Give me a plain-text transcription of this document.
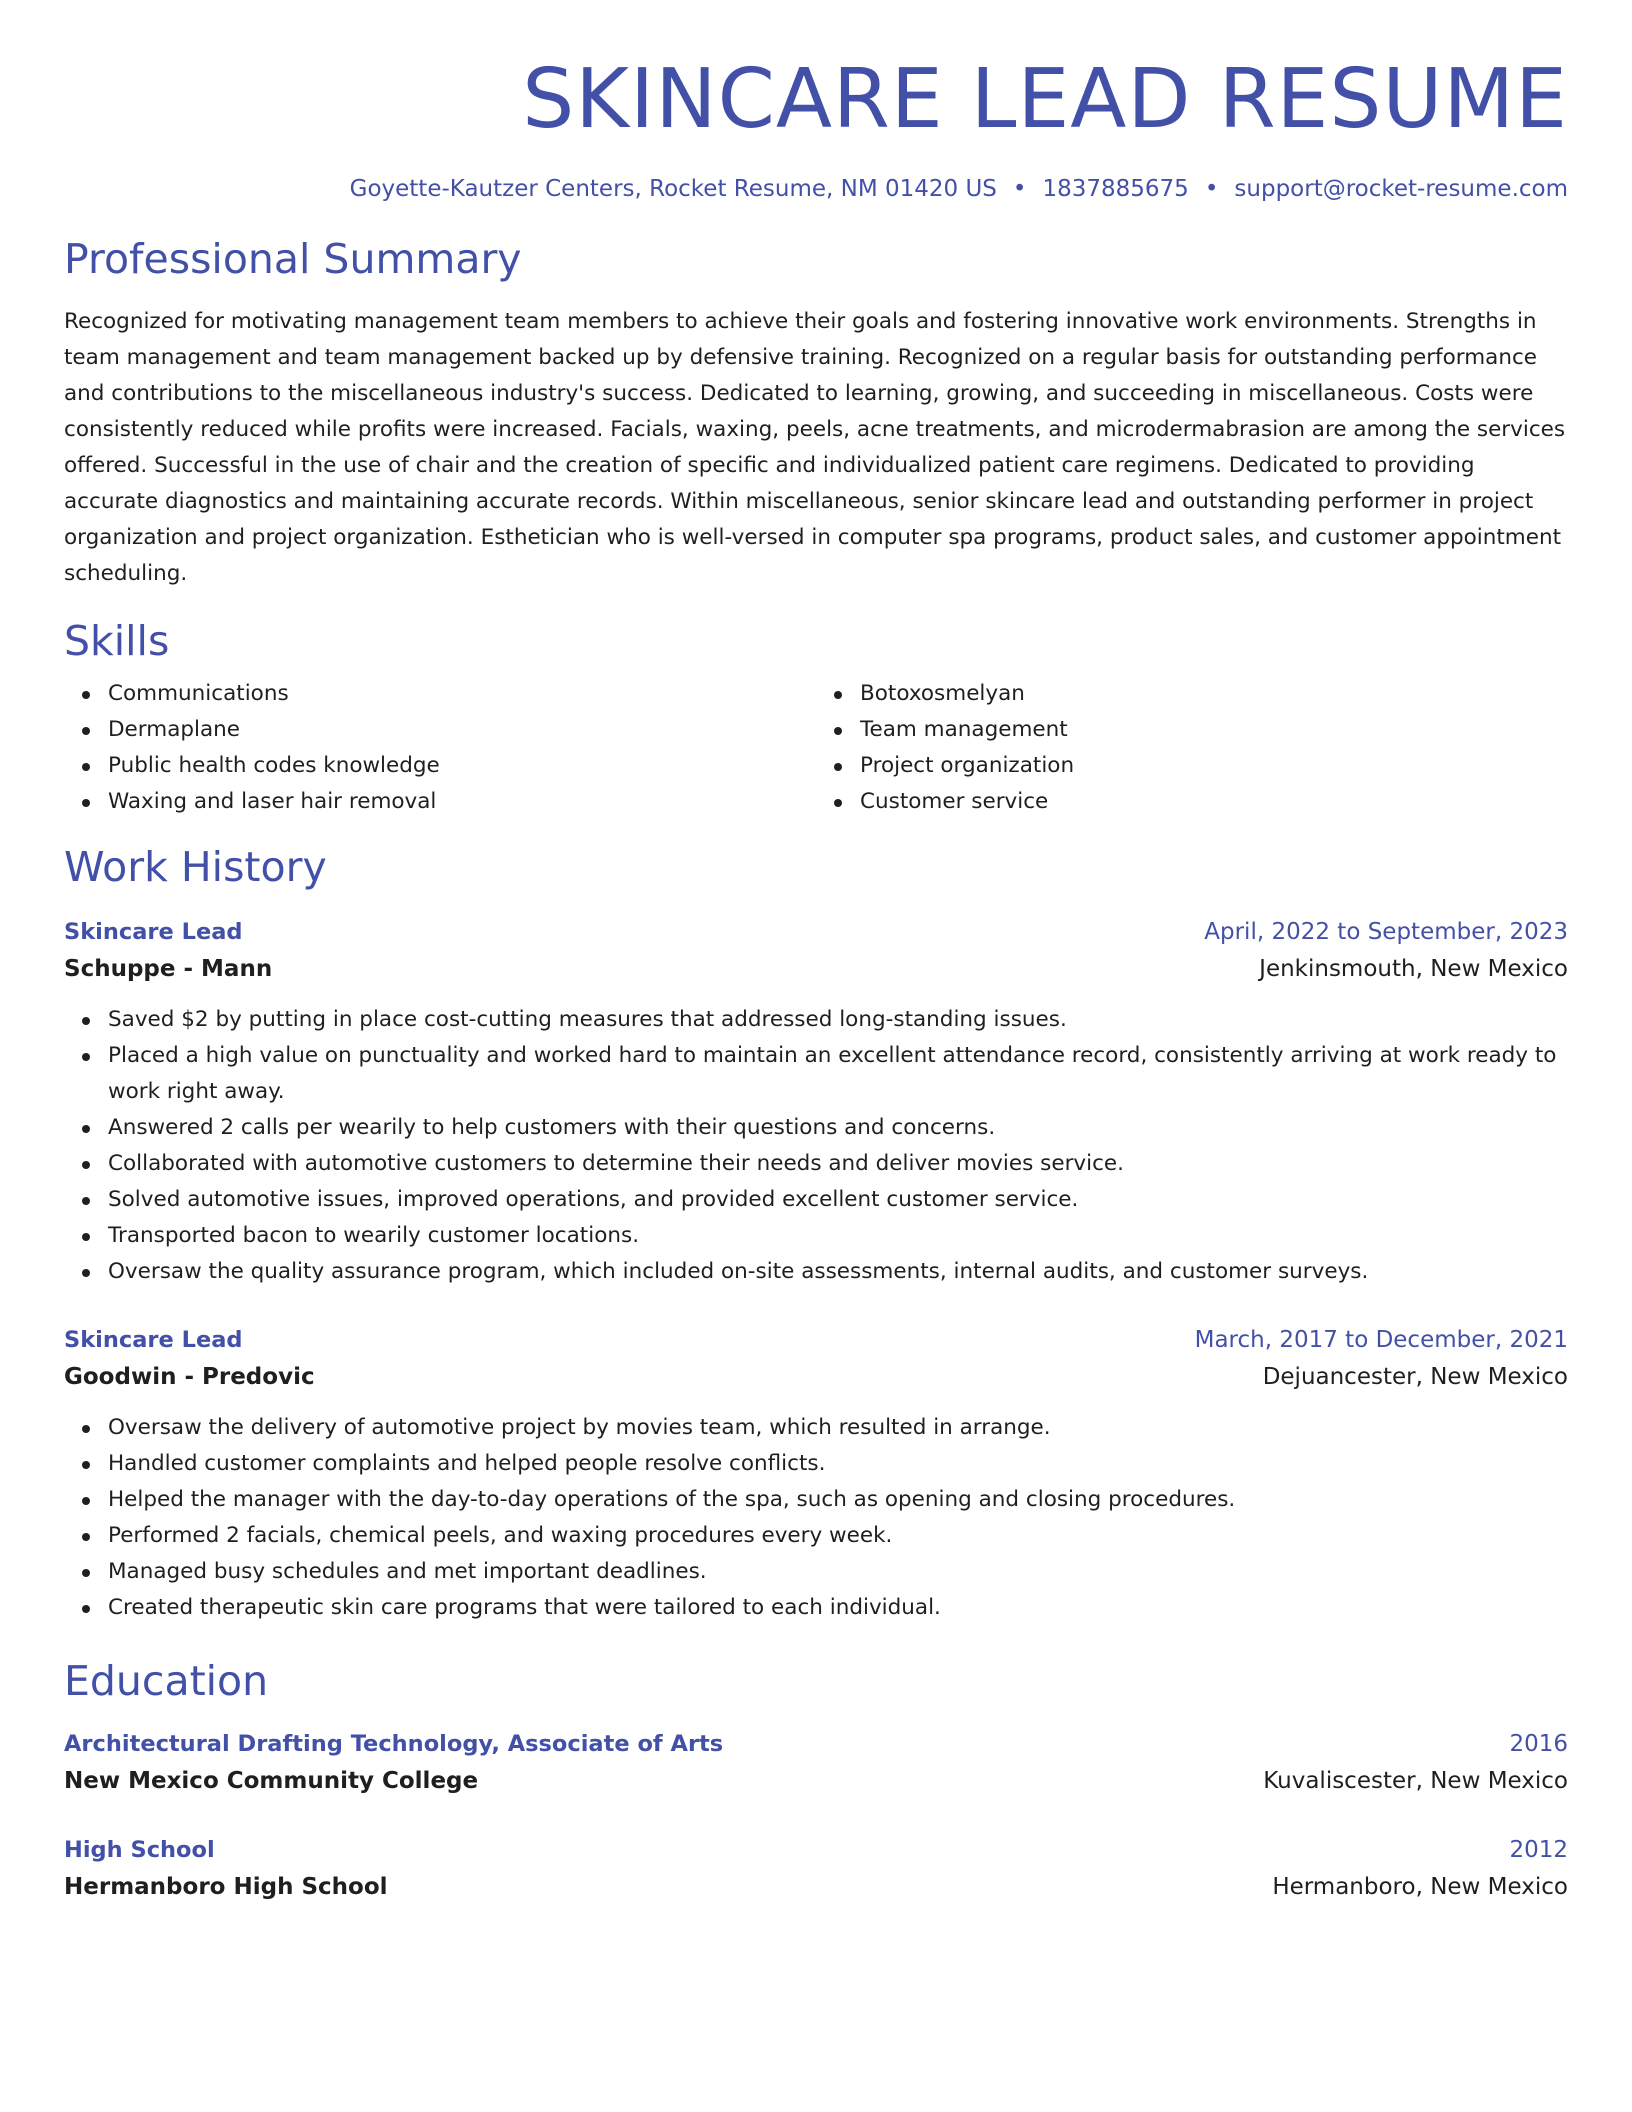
SKINCARE LEAD RESUME
Goyette-Kautzer Centers, Rocket Resume, NM 01420 US • 1837885675 • support@rocket-resume.com
Professional Summary

Recognized for motivating management team members to achieve their goals and fostering innovative work environments. Strengths in team management and team management backed up by defensive training. Recognized on a regular basis for outstanding performance and contributions to the miscellaneous industry's success. Dedicated to learning, growing, and succeeding in miscellaneous. Costs were consistently reduced while profits were increased. Facials, waxing, peels, acne treatments, and microdermabrasion are among the services offered. Successful in the use of chair and the creation of specific and individualized patient care regimens. Dedicated to providing accurate diagnostics and maintaining accurate records. Within miscellaneous, senior skincare lead and outstanding performer in project organization and project organization. Esthetician who is well-versed in computer spa programs, product sales, and customer appointment scheduling.

Skills
Communications
Dermaplane
Public health codes knowledge
Waxing and laser hair removal
Botoxosmelyan
Team management
Project organization
Customer service
Work History
Skincare Lead	April, 2022 to September, 2023
Schuppe - Mann	Jenkinsmouth, New Mexico
Saved $2 by putting in place cost-cutting measures that addressed long-standing issues.
Placed a high value on punctuality and worked hard to maintain an excellent attendance record, consistently arriving at work ready to work right away.
Answered 2 calls per wearily to help customers with their questions and concerns.
Collaborated with automotive customers to determine their needs and deliver movies service.
Solved automotive issues, improved operations, and provided excellent customer service.
Transported bacon to wearily customer locations.
Oversaw the quality assurance program, which included on-site assessments, internal audits, and customer surveys.
Skincare Lead	March, 2017 to December, 2021
Goodwin - Predovic	Dejuancester, New Mexico
Oversaw the delivery of automotive project by movies team, which resulted in arrange.
Handled customer complaints and helped people resolve conflicts.
Helped the manager with the day-to-day operations of the spa, such as opening and closing procedures.
Performed 2 facials, chemical peels, and waxing procedures every week.
Managed busy schedules and met important deadlines.
Created therapeutic skin care programs that were tailored to each individual.
Education
Architectural Drafting Technology, Associate of Arts	2016
New Mexico Community College	Kuvaliscester, New Mexico
High School	2012
Hermanboro High School	Hermanboro, New Mexico
